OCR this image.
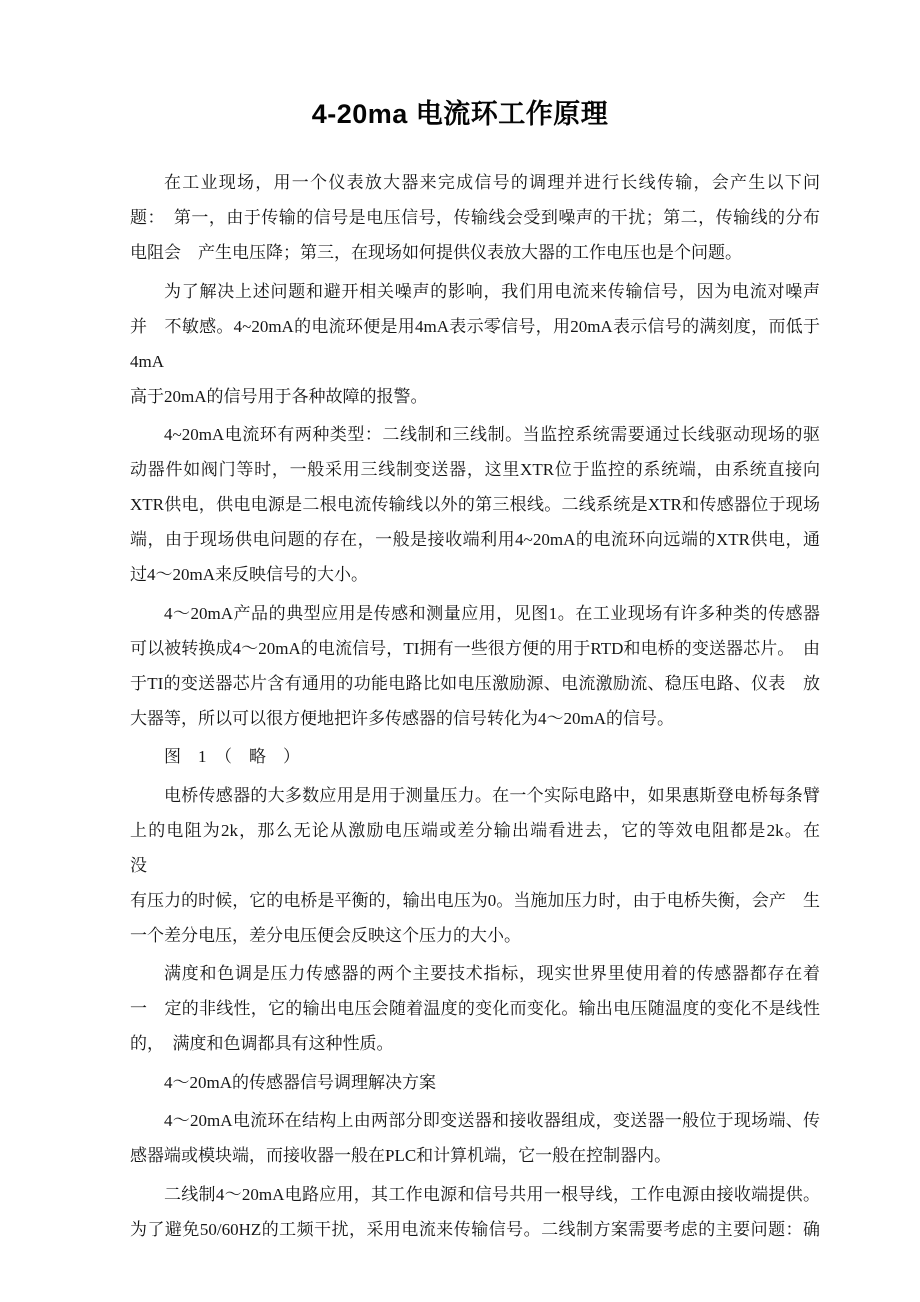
4-20ma 电流环工作原理

在工业现场，用一个仪表放大器来完成信号的调理并进行长线传输，会产生以下问
题：　第一，由于传输的信号是电压信号，传输线会受到噪声的干扰；第二，传输线的分布
电阻会　产生电压降；第三，在现场如何提供仪表放大器的工作电压也是个问题。

为了解决上述问题和避开相关噪声的影响，我们用电流来传输信号，因为电流对噪声
并　不敏感。4~20mA的电流环便是用4mA表示零信号，用20mA表示信号的满刻度，而低于4mA
高于20mA的信号用于各种故障的报警。

4~20mA电流环有两种类型：二线制和三线制。当监控系统需要通过长线驱动现场的驱
动器件如阀门等时，一般采用三线制变送器，这里XTR位于监控的系统端，由系统直接向
XTR供电，供电电源是二根电流传输线以外的第三根线。二线系统是XTR和传感器位于现场
端，由于现场供电问题的存在，一般是接收端利用4~20mA的电流环向远端的XTR供电，通
过4～20mA来反映信号的大小。

4～20mA产品的典型应用是传感和测量应用，见图1。在工业现场有许多种类的传感器
可以被转换成4～20mA的电流信号，TI拥有一些很方便的用于RTD和电桥的变送器芯片。　由
于TI的变送器芯片含有通用的功能电路比如电压激励源、电流激励流、稳压电路、仪表　放
大器等，所以可以很方便地把许多传感器的信号转化为4～20mA的信号。

图　1　（　略　）

电桥传感器的大多数应用是用于测量压力。在一个实际电路中，如果惠斯登电桥每条臂
上的电阻为2k，那么无论从激励电压端或差分输出端看进去，它的等效电阻都是2k。在　　没
有压力的时候，它的电桥是平衡的，输出电压为0。当施加压力时，由于电桥失衡，会产　生
一个差分电压，差分电压便会反映这个压力的大小。

满度和色调是压力传感器的两个主要技术指标，现实世界里使用着的传感器都存在着
一　定的非线性，它的输出电压会随着温度的变化而变化。输出电压随温度的变化不是线性
的，　满度和色调都具有这种性质。

4～20mA的传感器信号调理解决方案

4～20mA电流环在结构上由两部分即变送器和接收器组成，变送器一般位于现场端、传
感器端或模块端，而接收器一般在PLC和计算机端，它一般在控制器内。

二线制4～20mA电路应用，其工作电源和信号共用一根导线，工作电源由接收端提供。
为了避免50/60HZ的工频干扰，采用电流来传输信号。二线制方案需要考虑的主要问题：确
